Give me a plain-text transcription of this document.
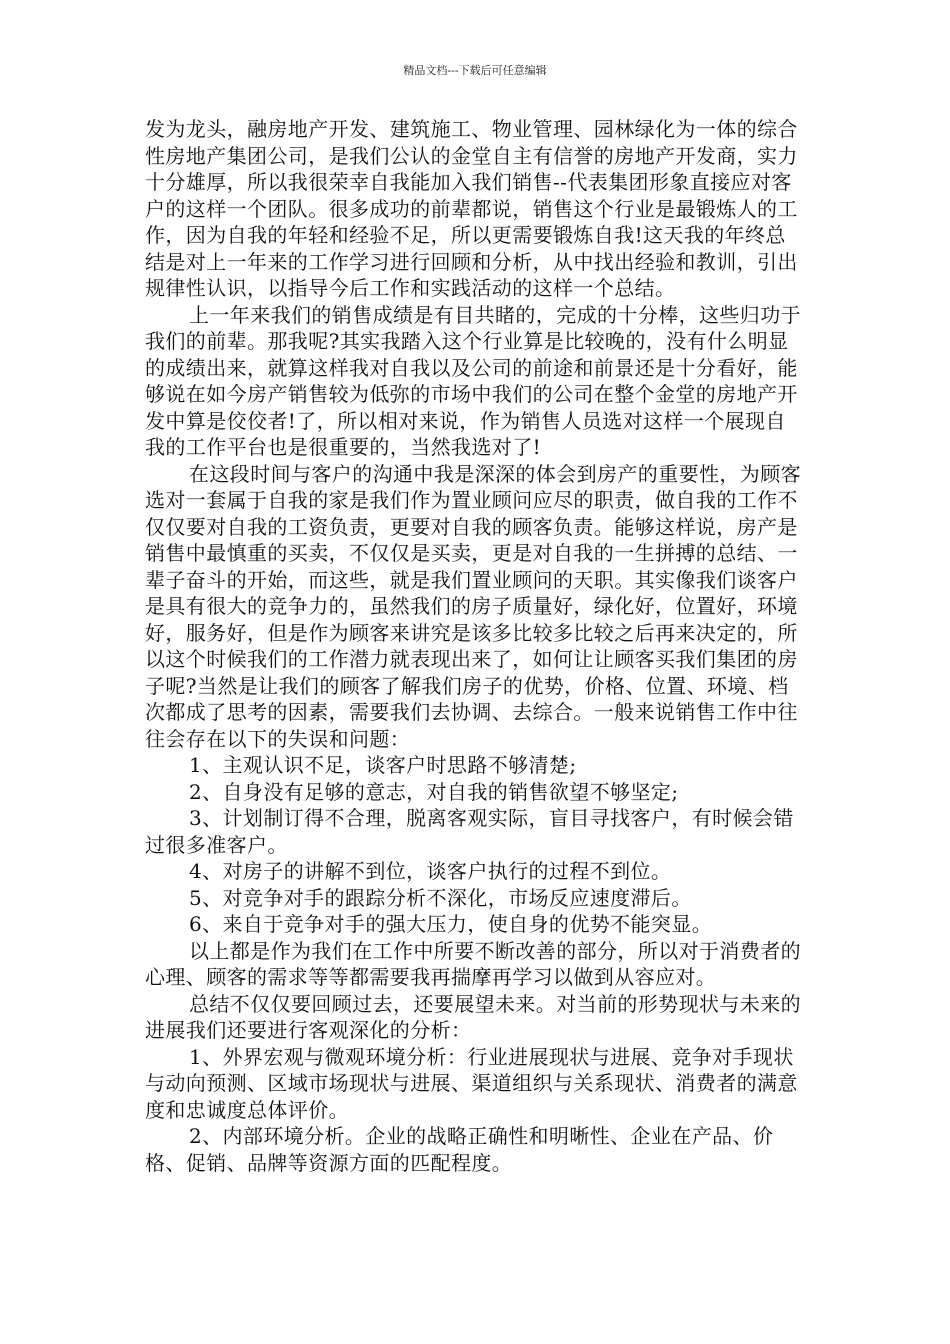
精品文档---下载后可任意编辑

发为龙头，融房地产开发、建筑施工、物业管理、园林绿化为一体的综合性房地产集团公司，是我们公认的金堂自主有信誉的房地产开发商，实力十分雄厚，所以我很荣幸自我能加入我们销售--代表集团形象直接应对客户的这样一个团队。很多成功的前辈都说，销售这个行业是最锻炼人的工作，因为自我的年轻和经验不足，所以更需要锻炼自我!这天我的年终总结是对上一年来的工作学习进行回顾和分析，从中找出经验和教训，引出规律性认识，以指导今后工作和实践活动的这样一个总结。

上一年来我们的销售成绩是有目共睹的，完成的十分棒，这些归功于我们的前辈。那我呢?其实我踏入这个行业算是比较晚的，没有什么明显的成绩出来，就算这样我对自我以及公司的前途和前景还是十分看好，能够说在如今房产销售较为低弥的市场中我们的公司在整个金堂的房地产开发中算是佼佼者!了，所以相对来说，作为销售人员选对这样一个展现自我的工作平台也是很重要的，当然我选对了!

在这段时间与客户的沟通中我是深深的体会到房产的重要性，为顾客选对一套属于自我的家是我们作为置业顾问应尽的职责，做自我的工作不仅仅要对自我的工资负责，更要对自我的顾客负责。能够这样说，房产是销售中最慎重的买卖，不仅仅是买卖，更是对自我的一生拼搏的总结、一辈子奋斗的开始，而这些，就是我们置业顾问的天职。其实像我们谈客户是具有很大的竞争力的，虽然我们的房子质量好，绿化好，位置好，环境好，服务好，但是作为顾客来讲究是该多比较多比较之后再来决定的，所以这个时候我们的工作潜力就表现出来了，如何让让顾客买我们集团的房子呢?当然是让我们的顾客了解我们房子的优势，价格、位置、环境、档次都成了思考的因素，需要我们去协调、去综合。一般来说销售工作中往往会存在以下的失误和问题：

1、主观认识不足，谈客户时思路不够清楚;

2、自身没有足够的意志，对自我的销售欲望不够坚定;

3、计划制订得不合理，脱离客观实际，盲目寻找客户，有时候会错过很多准客户。

4、对房子的讲解不到位，谈客户执行的过程不到位。

5、对竞争对手的跟踪分析不深化，市场反应速度滞后。

6、来自于竞争对手的强大压力，使自身的优势不能突显。

以上都是作为我们在工作中所要不断改善的部分，所以对于消费者的心理、顾客的需求等等都需要我再揣摩再学习以做到从容应对。

总结不仅仅要回顾过去，还要展望未来。对当前的形势现状与未来的进展我们还要进行客观深化的分析：

1、外界宏观与微观环境分析：行业进展现状与进展、竞争对手现状与动向预测、区域市场现状与进展、渠道组织与关系现状、消费者的满意度和忠诚度总体评价。

2、内部环境分析。企业的战略正确性和明晰性、企业在产品、价格、促销、品牌等资源方面的匹配程度。
